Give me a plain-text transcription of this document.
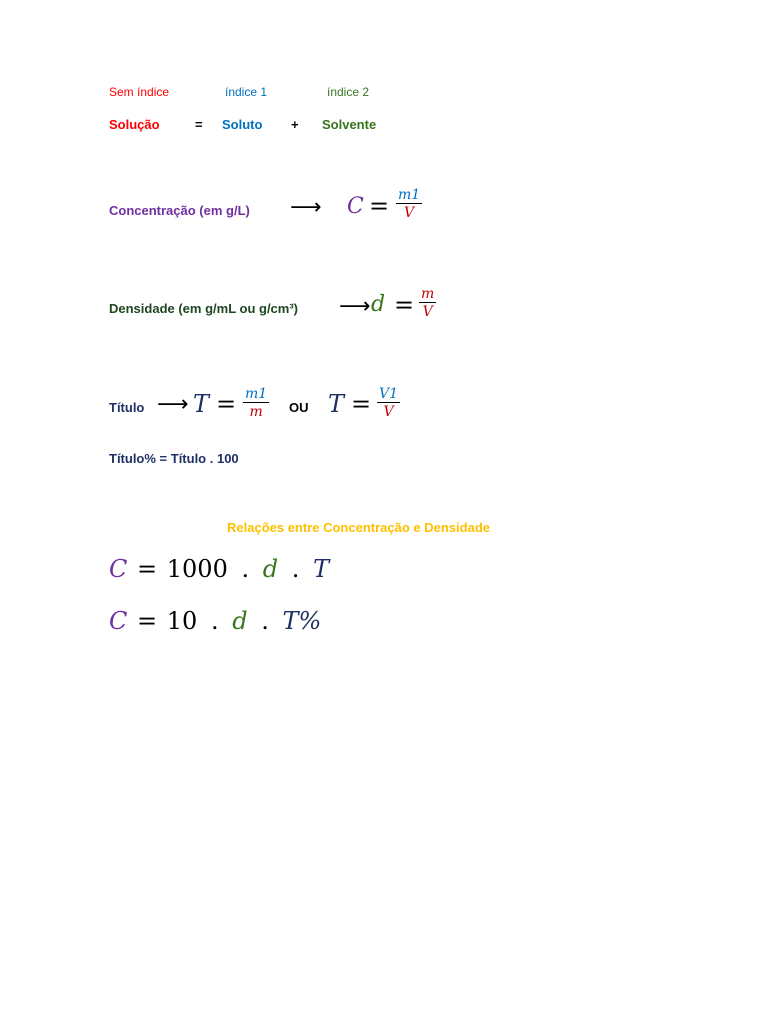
Sem índice	índice 1	índice 2
Solução	= Soluto + Solvente
Concentração (em g/L) ⟶ C = m1
V
Densidade (em g/mL ou g/cm³) ⟶ d = m
V
Título ⟶ T = m1
m OU T = V1
V
Título% = Título . 100
Relações entre Concentração e Densidade
C = 1000 . d . T
C = 10 . d . T%
